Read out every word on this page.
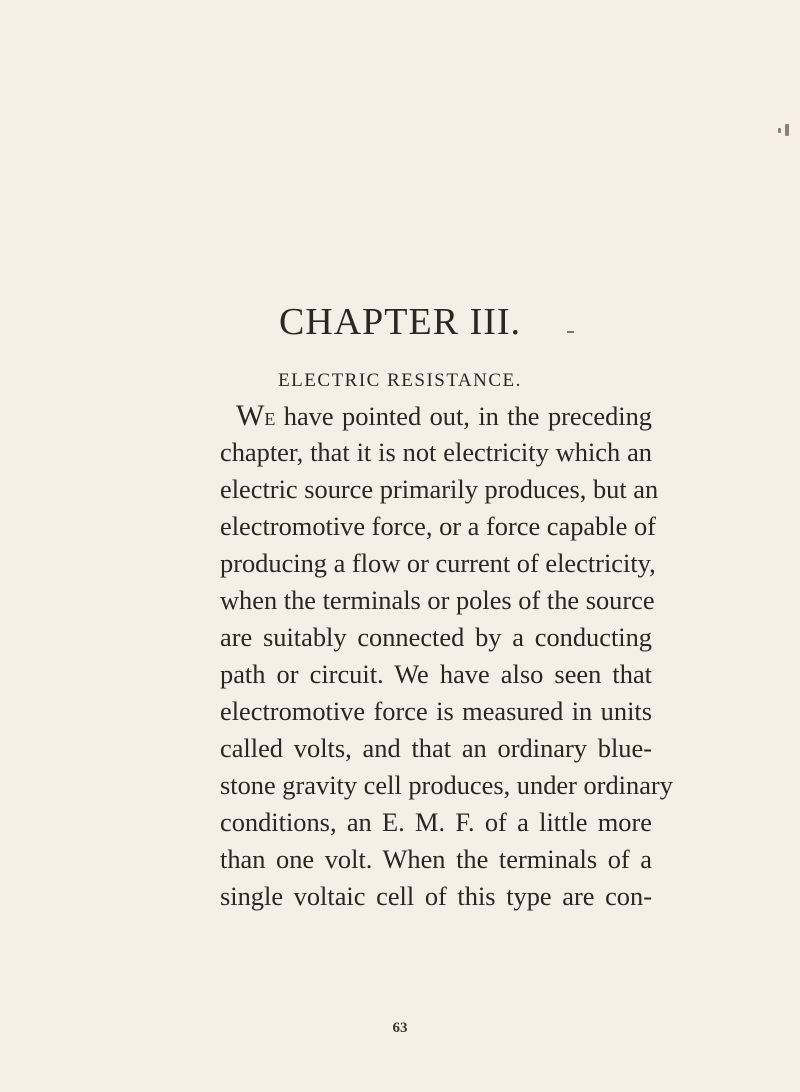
CHAPTER III.
ELECTRIC RESISTANCE.
We have pointed out, in the preceding
chapter, that it is not electricity which an
electric source primarily produces, but an
electromotive force, or a force capable of
producing a flow or current of electricity,
when the terminals or poles of the source
are suitably connected by a conducting
path or circuit. We have also seen that
electromotive force is measured in units
called volts, and that an ordinary blue-
stone gravity cell produces, under ordinary
conditions, an E. M. F. of a little more
than one volt. When the terminals of a
single voltaic cell of this type are con-
63
